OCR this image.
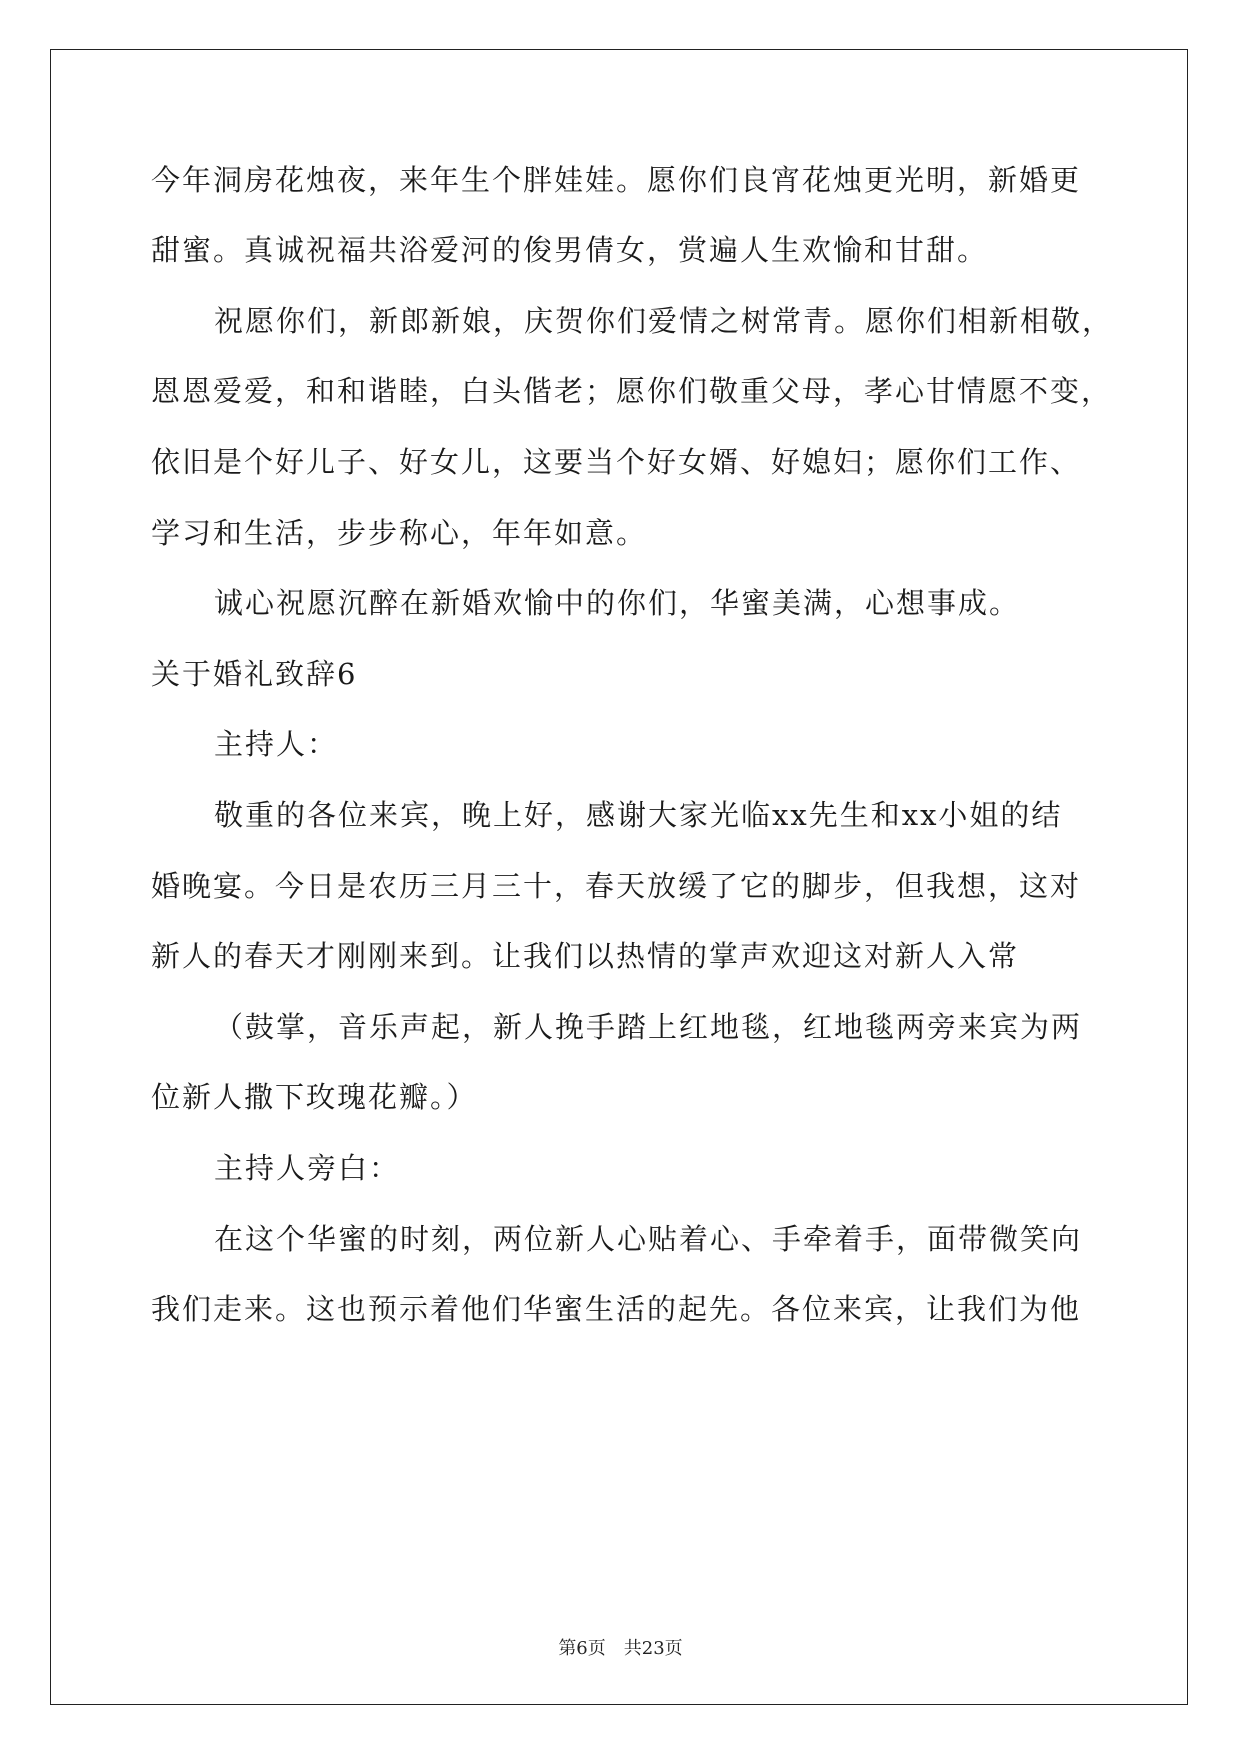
今年洞房花烛夜，来年生个胖娃娃。愿你们良宵花烛更光明，新婚更
甜蜜。真诚祝福共浴爱河的俊男倩女，赏遍人生欢愉和甘甜。
祝愿你们，新郎新娘，庆贺你们爱情之树常青。愿你们相新相敬，
恩恩爱爱，和和谐睦，白头偕老；愿你们敬重父母，孝心甘情愿不变，
依旧是个好儿子、好女儿，这要当个好女婿、好媳妇；愿你们工作、
学习和生活，步步称心，年年如意。
诚心祝愿沉醉在新婚欢愉中的你们，华蜜美满，心想事成。
关于婚礼致辞6
主持人：
敬重的各位来宾，晚上好，感谢大家光临xx先生和xx小姐的结
婚晚宴。今日是农历三月三十，春天放缓了它的脚步，但我想，这对
新人的春天才刚刚来到。让我们以热情的掌声欢迎这对新人入常
（鼓掌，音乐声起，新人挽手踏上红地毯，红地毯两旁来宾为两
位新人撒下玫瑰花瓣。）
主持人旁白：
在这个华蜜的时刻，两位新人心贴着心、手牵着手，面带微笑向
我们走来。这也预示着他们华蜜生活的起先。各位来宾，让我们为他
第6页　共23页
